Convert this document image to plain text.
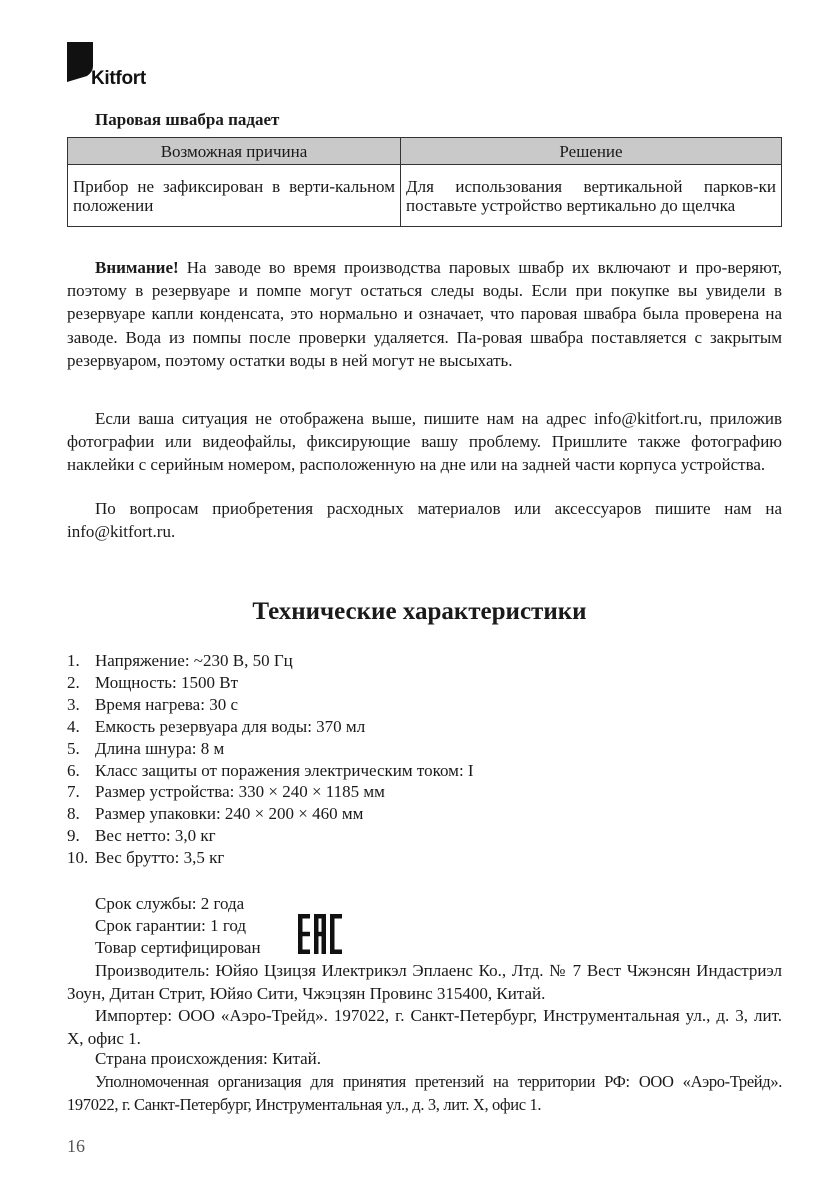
Kitfort
Паровая швабра падает
Возможная причина	Решение
Прибор не зафиксирован в верти-кальном положении	Для использования вертикальной парков-ки поставьте устройство вертикально до щелчка

Внимание! На заводе во время производства паровых швабр их включают и про-веряют, поэтому в резервуаре и помпе могут остаться следы воды. Если при покупке вы увидели в резервуаре капли конденсата, это нормально и означает, что паровая швабра была проверена на заводе. Вода из помпы после проверки удаляется. Па-ровая швабра поставляется с закрытым резервуаром, поэтому остатки воды в ней могут не высыхать.

Если ваша ситуация не отображена выше, пишите нам на адрес info@kitfort.ru, приложив фотографии или видеофайлы, фиксирующие вашу проблему. Пришлите также фотографию наклейки с серийным номером, расположенную на дне или на задней части корпуса устройства.

По вопросам приобретения расходных материалов или аксессуаров пишите нам на info@kitfort.ru.

Технические характеристики
1. Напряжение: ~230 В, 50 Гц
2. Мощность: 1500 Вт
3. Время нагрева: 30 с
4. Емкость резервуара для воды: 370 мл
5. Длина шнура: 8 м
6. Класс защиты от поражения электрическим током: I
7. Размер устройства: 330 × 240 × 1185 мм
8. Размер упаковки: 240 × 200 × 460 мм
9. Вес нетто: 3,0 кг
10. Вес брутто: 3,5 кг

Срок службы: 2 года

Срок гарантии: 1 год

Товар сертифицирован

Производитель: Юйяо Цзицзя Илектрикэл Эплаенс Ко., Лтд. № 7 Вест Чжэнсян Индастриэл Зоун, Дитан Стрит, Юйяо Сити, Чжэцзян Провинс 315400, Китай.

Импортер: ООО «Аэро-Трейд». 197022, г. Санкт-Петербург, Инструментальная ул., д. 3, лит. Х, офис 1.

Страна происхождения: Китай.

Уполномоченная организация для принятия претензий на территории РФ: ООО «Аэро-Трейд». 197022, г. Санкт-Петербург, Инструментальная ул., д. 3, лит. Х, офис 1.

16
